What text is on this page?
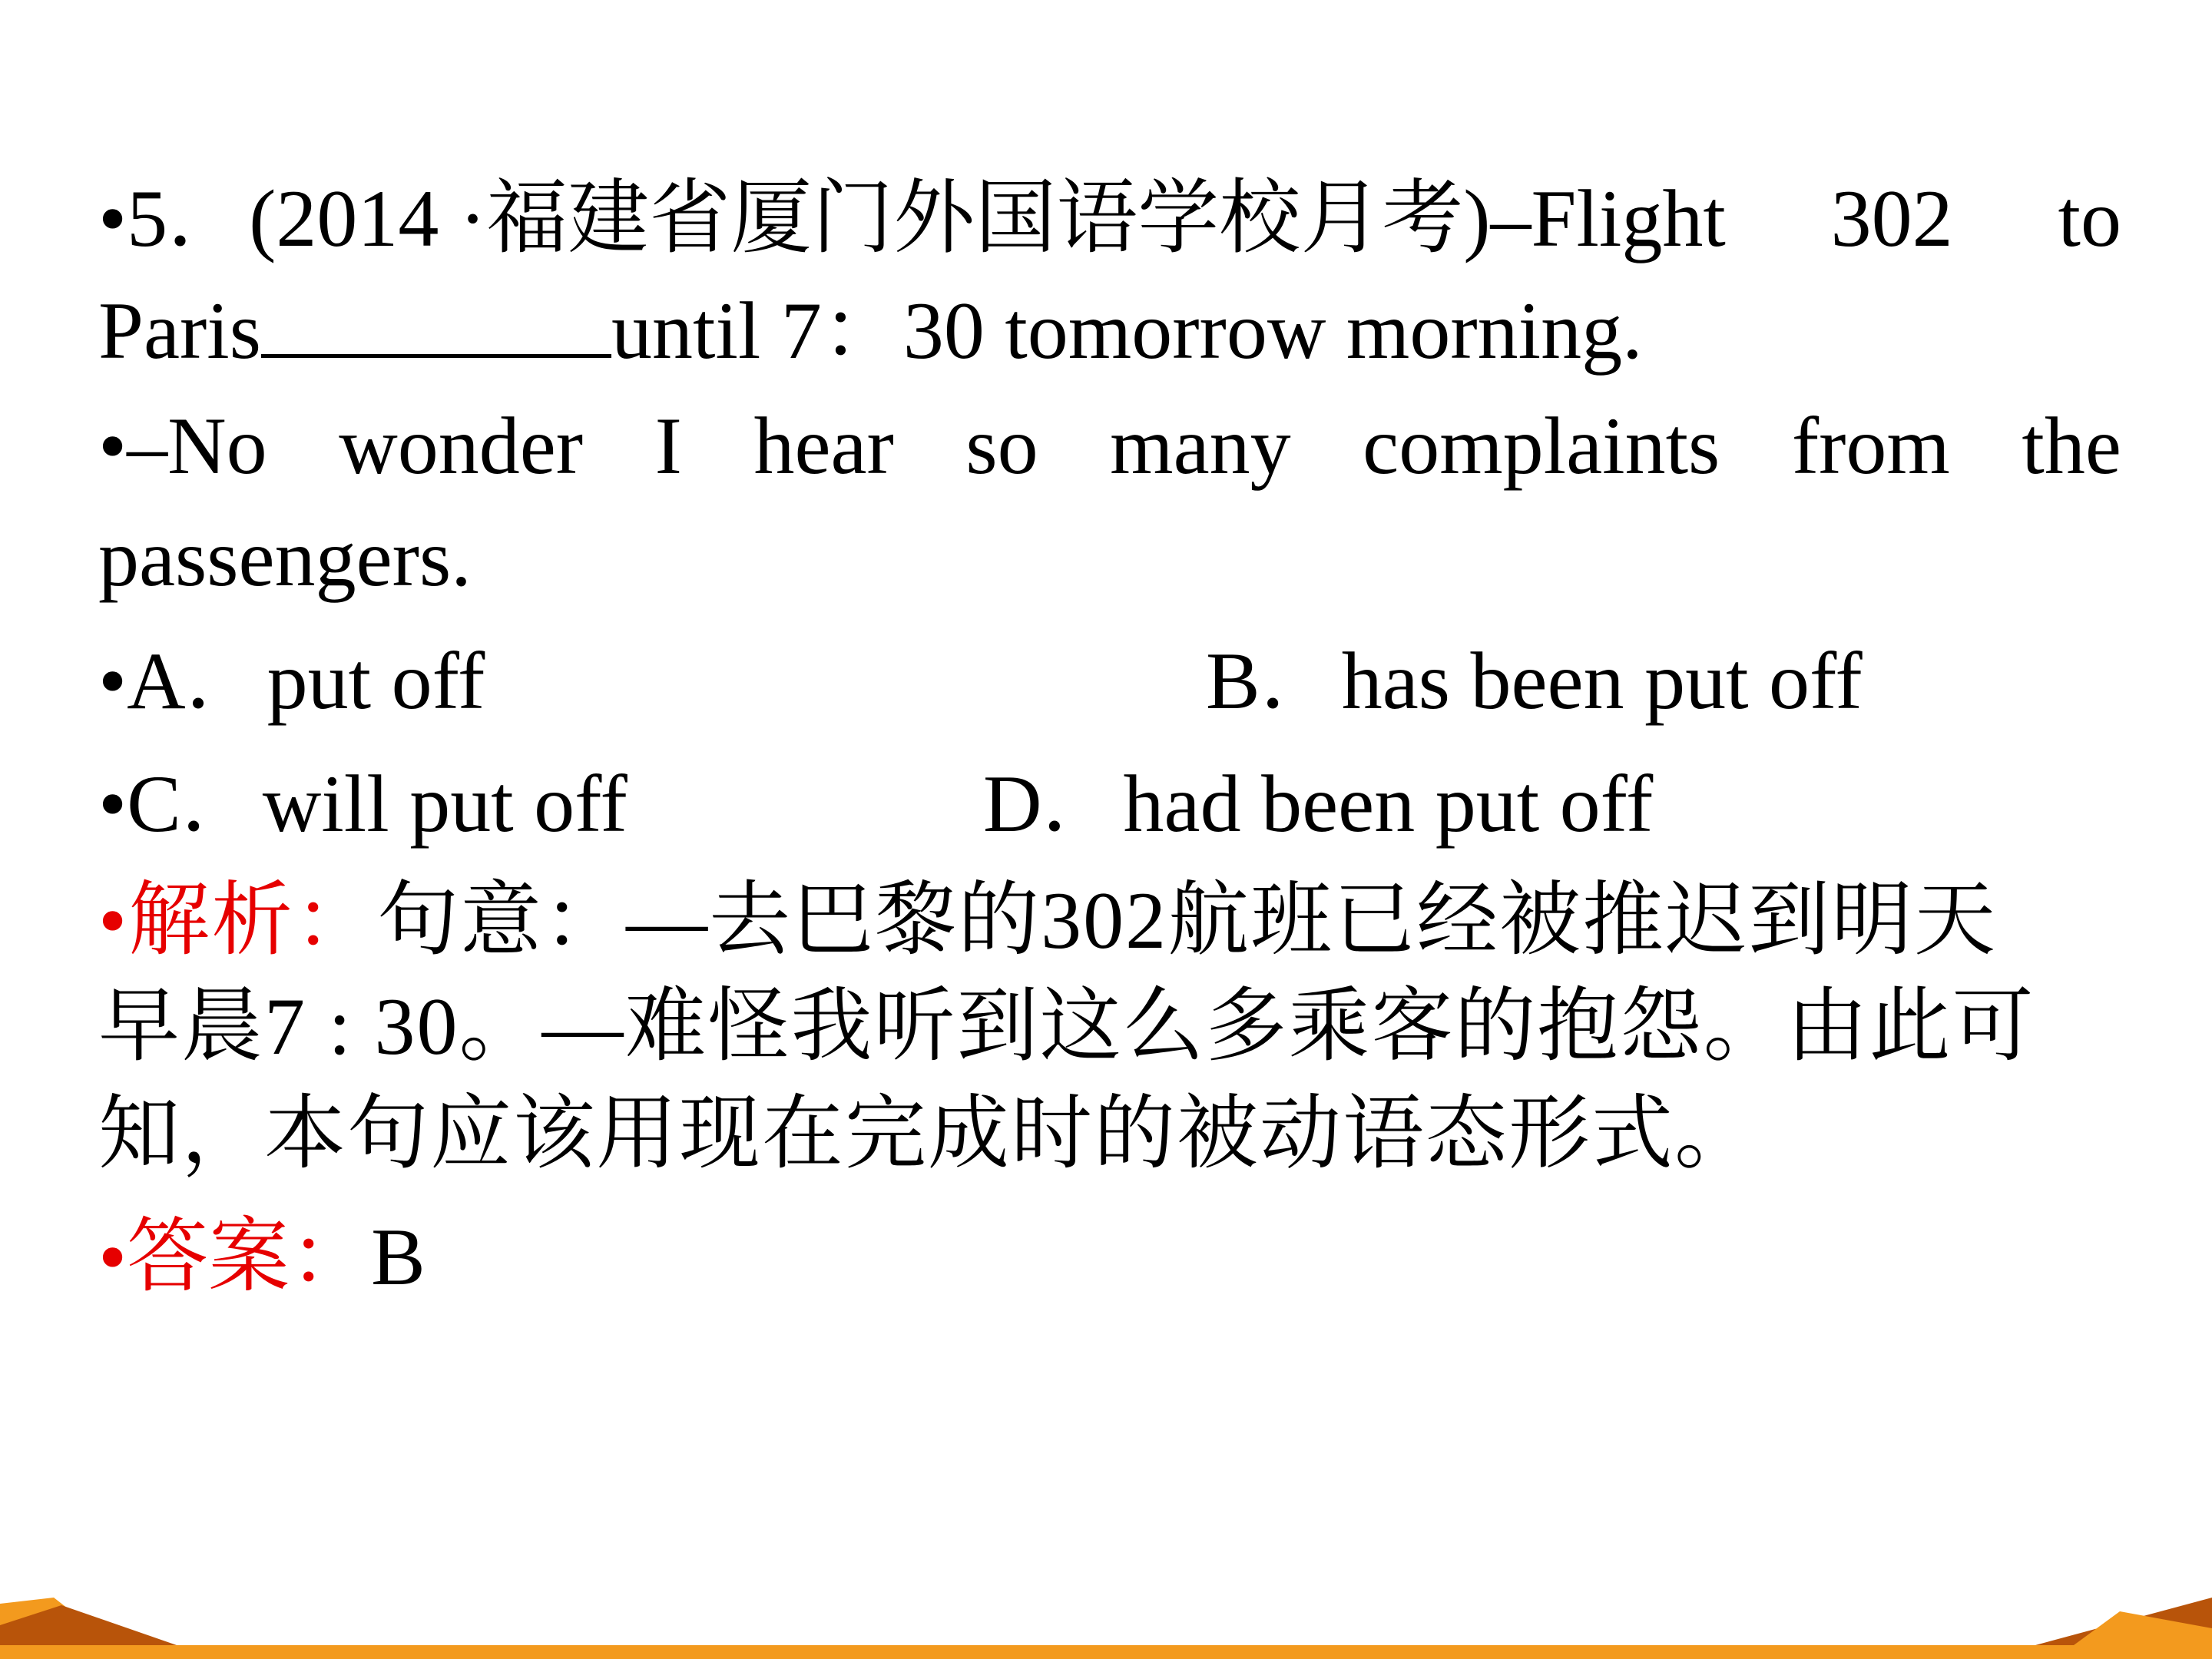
•5．(2014 ·福建省厦门外国语学校月考)–Flight 302 to
Paris	until 7：30 tomorrow morning.
•–No wonder I hear so many complaints from the
passengers.
•A．put off	B．has been put off
•C．will put off	D．had been put off
•解析：句意：—去巴黎的302航班已经被推迟到明天
早晨7 : 30。—难怪我听到这么多乘客的抱怨。由此可
知，本句应该用现在完成时的被动语态形式。
•答案：B
